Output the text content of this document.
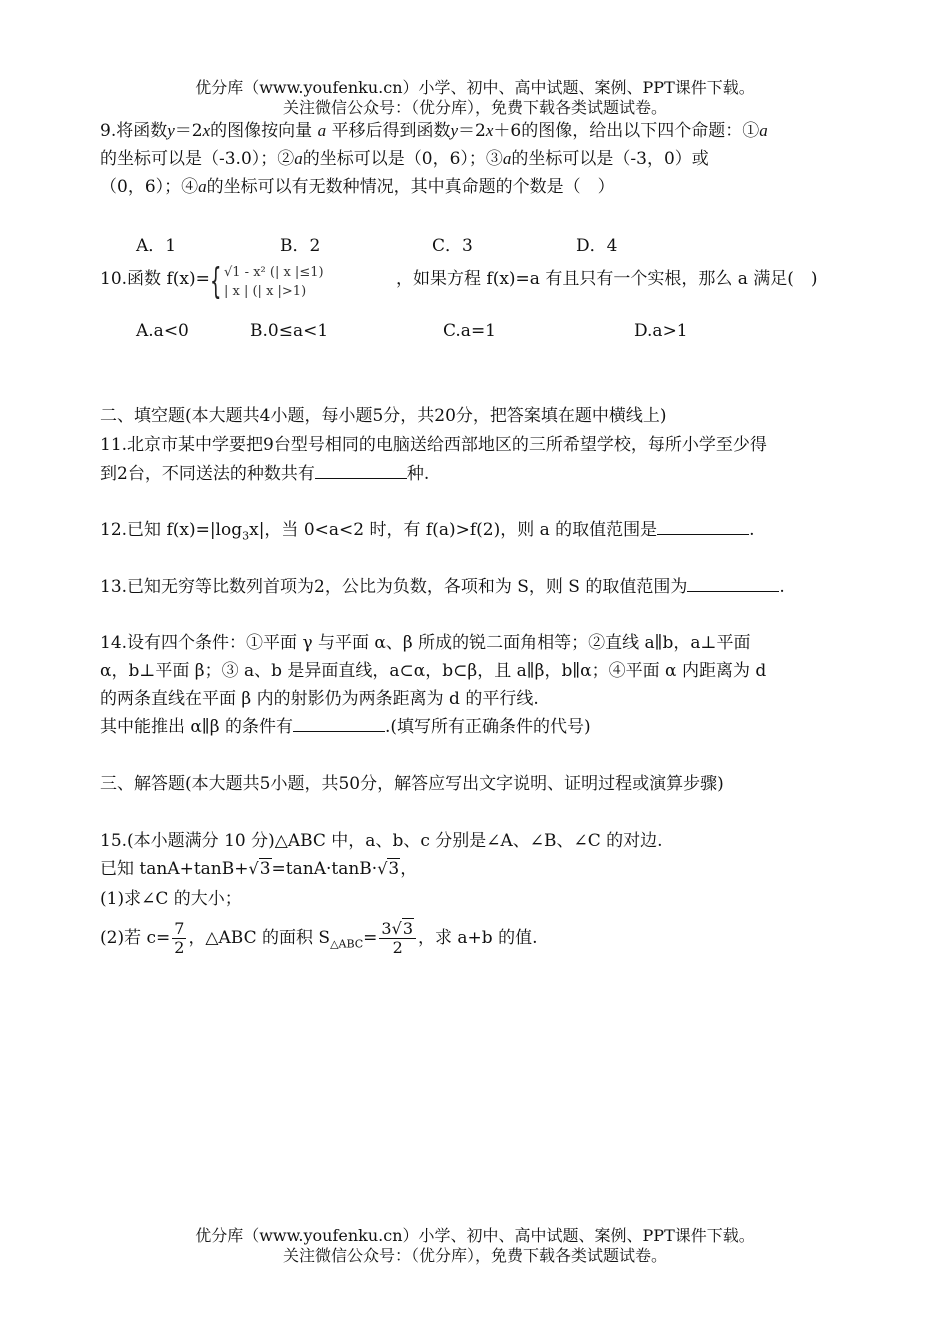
优分库（www.youfenku.cn）小学、初中、高中试题、案例、PPT课件下载。
关注微信公众号：（优分库），免费下载各类试题试卷。
9.将函数y＝2x的图像按向量 a 平移后得到函数y＝2x＋6的图像，给出以下四个命题：①a
的坐标可以是（-3.0）；②a的坐标可以是（0，6）；③a的坐标可以是（-3，0）或
（0，6）；④a的坐标可以有无数种情况，其中真命题的个数是（　）
A．1	B．2	C．3	D．4
10.函数 f(x)= { √1 - x² (| x |≤1)
| x | (| x |>1)
，如果方程 f(x)=a 有且只有一个实根，那么 a 满足(　)
A.a<0	B.0≤a<1	C.a=1	D.a>1
二、填空题(本大题共4小题，每小题5分，共20分，把答案填在题中横线上)
11.北京市某中学要把9台型号相同的电脑送给西部地区的三所希望学校，每所小学至少得
到2台，不同送法的种数共有	种.
12.已知 $f(x)=|\log_3x|$，当 0<a<2 时，有 f(a)>f(2)，则 a 的取值范围是	.
13.已知无穷等比数列首项为2，公比为负数，各项和为 S，则 S 的取值范围为	.
14.设有四个条件：①平面 γ 与平面 α、β 所成的锐二面角相等；②直线 a∥b，a⊥平面
α，b⊥平面 β；③ a、b 是异面直线，a⊂α，b⊂β，且 a∥β，b∥α；④平面 α 内距离为 d
的两条直线在平面 β 内的射影仍为两条距离为 d 的平行线.
其中能推出 α∥β 的条件有	.(填写所有正确条件的代号)
三、解答题(本大题共5小题，共50分，解答应写出文字说明、证明过程或演算步骤)
15.(本小题满分 10 分)△ABC 中，a、b、c 分别是∠A、∠B、∠C 的对边.
已知 tanA+tanB+√3=tanA·tanB·√3，
(1)求∠C 的大小；
(2)若 $c= \frac{7}{2}$ ，△ABC 的面积 $S_{\triangle ABC}= \frac{3√3}{2}$ ，求 a+b 的值.
优分库（www.youfenku.cn）小学、初中、高中试题、案例、PPT课件下载。
关注微信公众号：（优分库），免费下载各类试题试卷。
